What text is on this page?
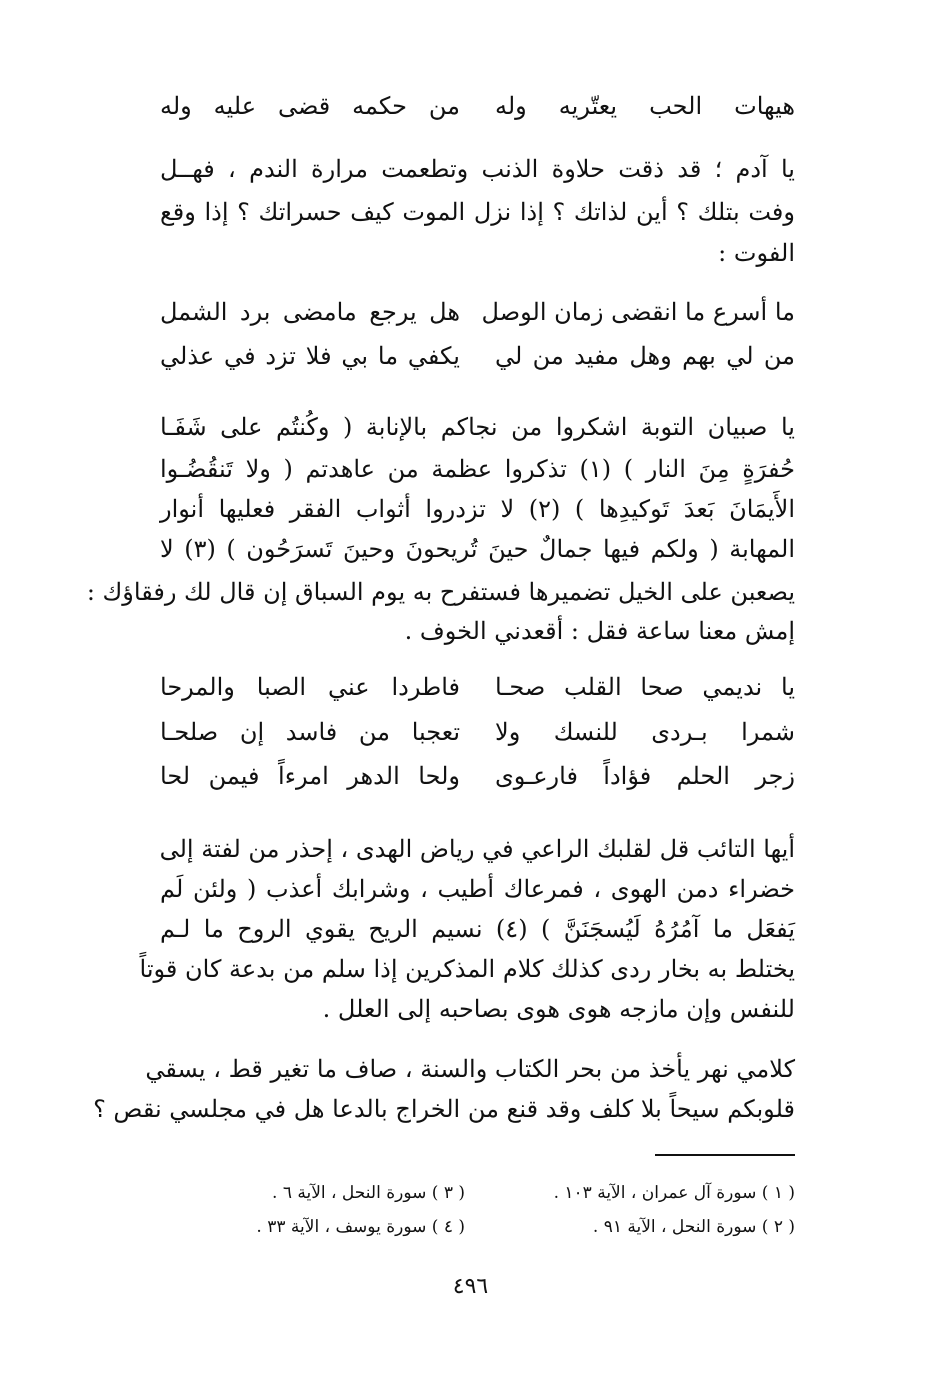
هيهات الحب يعتّريه وله
من حكمه قضى عليه وله
يا آدم ؛ قد ذقت حلاوة الذنب وتطعمت مرارة الندم ، فهــل
وفت بتلك ؟ أين لذاتك ؟ إذا نزل الموت كيف حسراتك ؟ إذا وقع
الفوت :
ما أسرع ما انقضى زمان الوصل
هل يرجع مامضى برد الشمل
من لي بهم وهل مفيد من لي
يكفي ما بي فلا تزد في عذلي
يا صبيان التوبة اشكروا من نجاكم بالإنابة ( وكُنتُم على شَفَـا
حُفرَةٍ مِنَ النار ) (١) تذكروا عظمة من عاهدتم ( ولا تَنقُضُـوا
الأَيمَانَ بَعدَ تَوكيدِها ) (٢) لا تزدروا أثواب الفقر فعليها أنوار
المهابة ( ولكم فيها جمالٌ حينَ تُريحونَ وحينَ تَسرَحُون ) (٣) لا
يصعبن على الخيل تضميرها فستفرح به يوم السباق إن قال لك رفقاؤك :
إمش معنا ساعة فقل : أقعدني الخوف .
يا نديمي صحا القلب صحـا
فاطردا عني الصبا والمرحا
شمرا بـردى للنسك ولا
تعجبا من فاسد إن صلحـا
زجر الحلم فؤاداً فارعـوى
ولحا الدهر امرءاً فيمن لحا
أيها التائب قل لقلبك الراعي في رياض الهدى ، إحذر من لفتة إلى
خضراء دمن الهوى ، فمرعاك أطيب ، وشرابك أعذب ( ولئن لَم
يَفعَل ما آمُرُهُ لَيُسجَنَنَّ ) (٤) نسيم الريح يقوي الروح ما لـم
يختلط به بخار ردى كذلك كلام المذكرين إذا سلم من بدعة كان قوتاً
للنفس وإن مازجه هوى هوى بصاحبه إلى العلل .
كلامي نهر يأخذ من بحر الكتاب والسنة ، صاف ما تغير قط ، يسقي
قلوبكم سيحاً بلا كلف وقد قنع من الخراج بالدعا هل في مجلسي نقص ؟
( ١ ) سورة آل عمران ، الآية ١٠٣ .
( ٣ ) سورة النحل ، الآية ٦ .
( ٢ ) سورة النحل ، الآية ٩١ .
( ٤ ) سورة يوسف ، الآية ٣٣ .
٤٩٦
